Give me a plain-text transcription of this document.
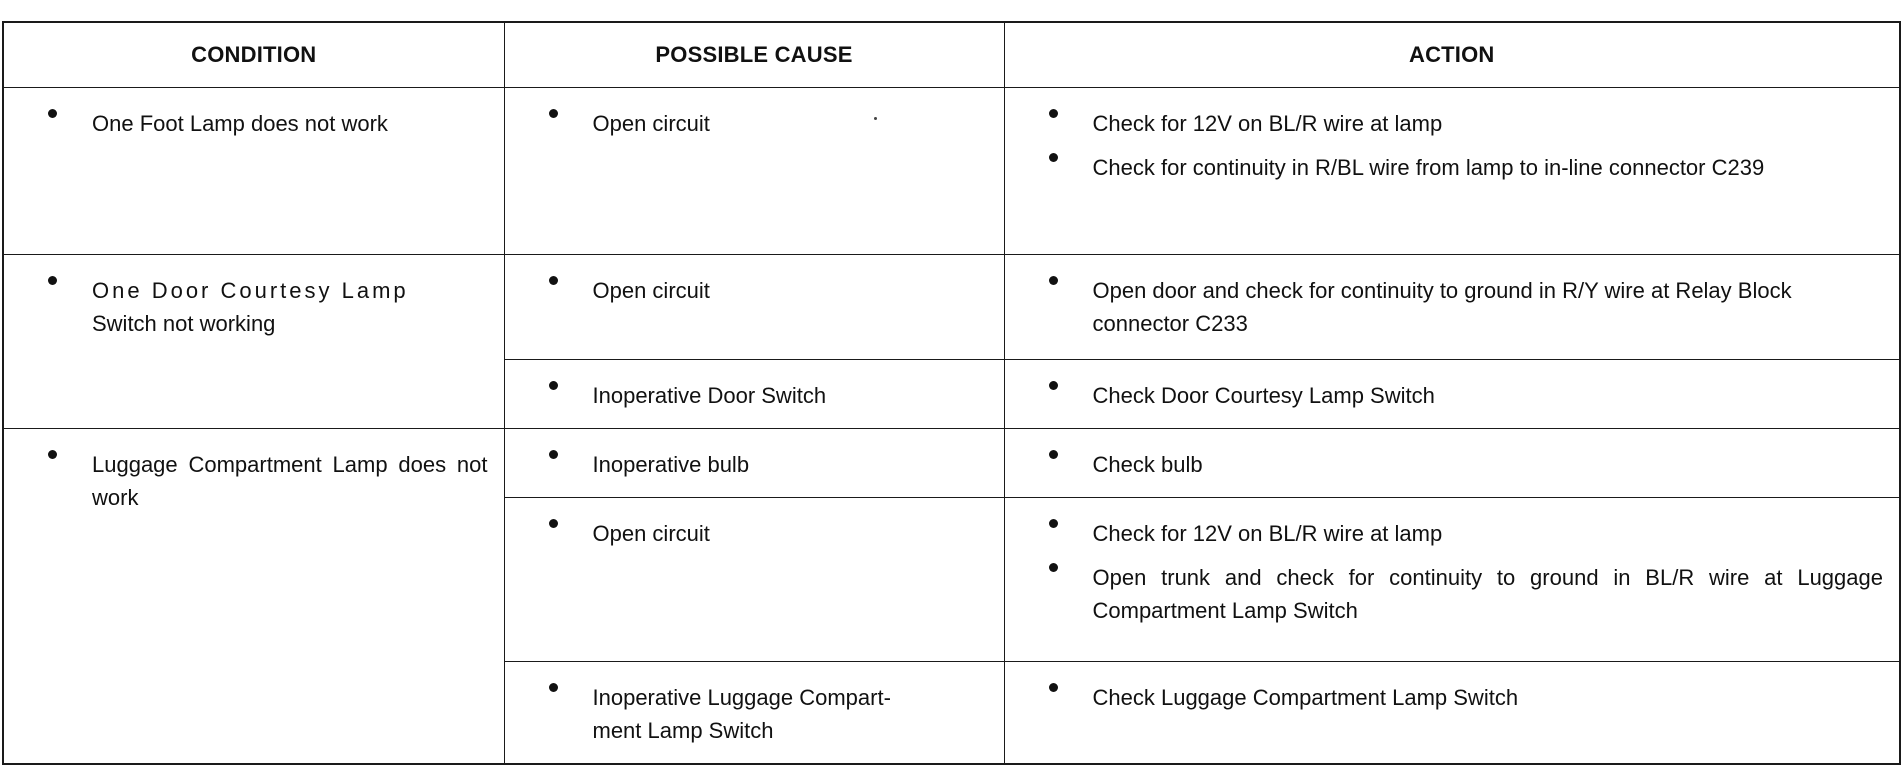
CONDITION	POSSIBLE CAUSE	ACTION

One Foot Lamp does not work	Open circuit	Check for 12V on BL/R wire at lamp
Check for continuity in R/BL wire from lamp to in-line connector C239

One Door Courtesy Lamp
Switch not working	Open circuit	Open door and check for continuity to ground in R/Y wire at Relay Block connector C233

	Inoperative Door Switch	Check Door Courtesy Lamp Switch

Luggage Compartment Lamp does not work	Inoperative bulb	Check bulb

	Open circuit	Check for 12V on BL/R wire at lamp
Open trunk and check for continuity to ground in BL/R wire at Luggage Compartment Lamp Switch

	Inoperative Luggage Compart-
ment Lamp Switch	Check Luggage Compartment Lamp Switch
